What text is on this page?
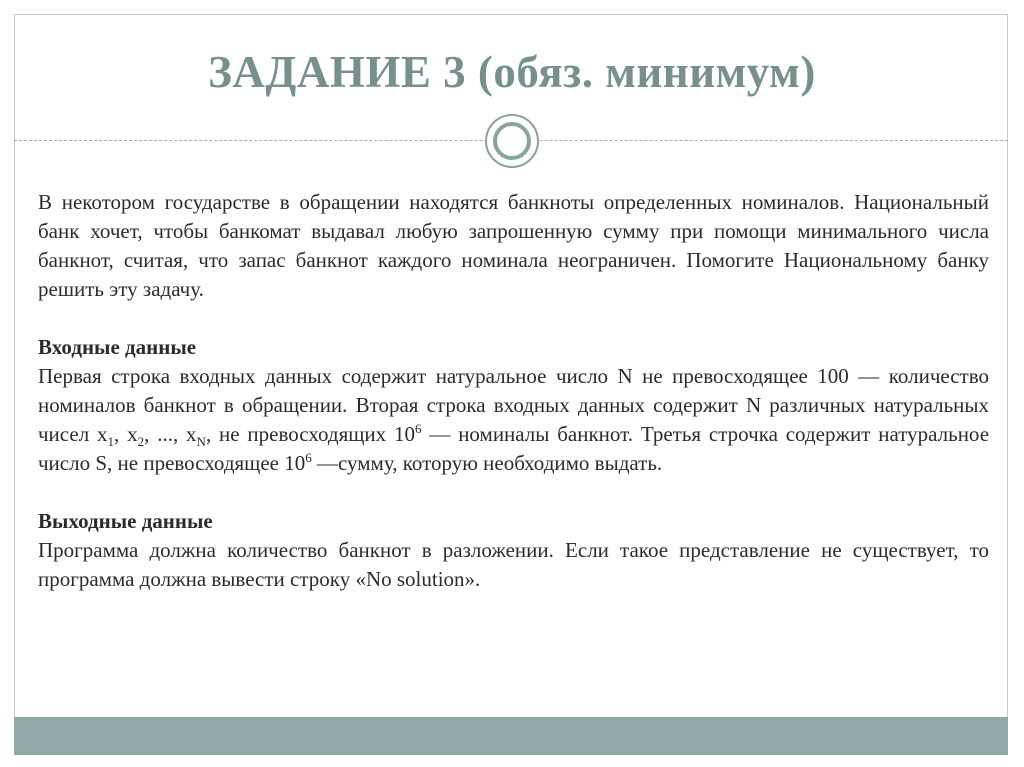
ЗАДАНИЕ 3 (обяз. минимум)

В некотором государстве в обращении находятся банкноты определенных номиналов. Национальный банк хочет, чтобы банкомат выдавал любую запрошенную сумму при помощи минимального числа банкнот, считая, что запас банкнот каждого номинала неограничен. Помогите Национальному банку решить эту задачу.

Входные данные

Первая строка входных данных содержит натуральное число N не превосходящее 100 — количество номиналов банкнот в обращении. Вторая строка входных данных содержит N различных натуральных чисел $x_1$, $x_2$, ..., $x_N$, не превосходящих $10^6$ — номиналы банкнот. Третья строчка содержит натуральное число S, не превосходящее $10^6$ —сумму, которую необходимо выдать.

Выходные данные

Программа должна количество банкнот в разложении. Если такое представление не существует, то программа должна вывести строку «No solution».
